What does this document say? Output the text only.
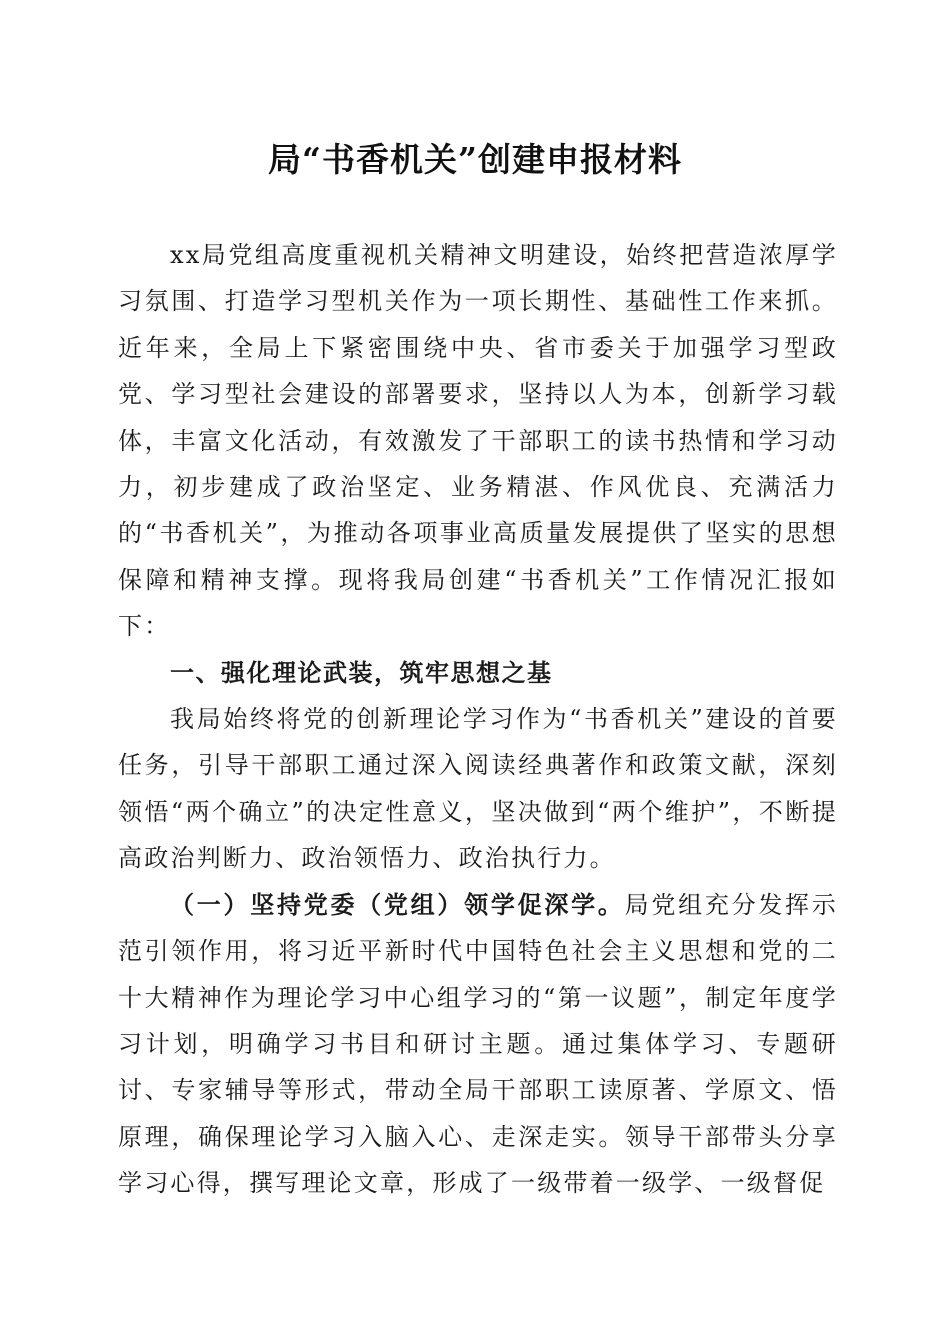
局“书香机关”创建申报材料

xx局党组高度重视机关精神文明建设，始终把营造浓厚学习氛围、打造学习型机关作为一项长期性、基础性工作来抓。近年来，全局上下紧密围绕中央、省市委关于加强学习型政党、学习型社会建设的部署要求，坚持以人为本，创新学习载体，丰富文化活动，有效激发了干部职工的读书热情和学习动力，初步建成了政治坚定、业务精湛、作风优良、充满活力的“书香机关”，为推动各项事业高质量发展提供了坚实的思想保障和精神支撑。现将我局创建“书香机关”工作情况汇报如下：

一、强化理论武装，筑牢思想之基

我局始终将党的创新理论学习作为“书香机关”建设的首要任务，引导干部职工通过深入阅读经典著作和政策文献，深刻领悟“两个确立”的决定性意义，坚决做到“两个维护”，不断提高政治判断力、政治领悟力、政治执行力。

（一）坚持党委（党组）领学促深学。局党组充分发挥示范引领作用，将习近平新时代中国特色社会主义思想和党的二十大精神作为理论学习中心组学习的“第一议题”，制定年度学习计划，明确学习书目和研讨主题。通过集体学习、专题研讨、专家辅导等形式，带动全局干部职工读原著、学原文、悟原理，确保理论学习入脑入心、走深走实。领导干部带头分享学习心得，撰写理论文章，形成了一级带着一级学、一级督促
